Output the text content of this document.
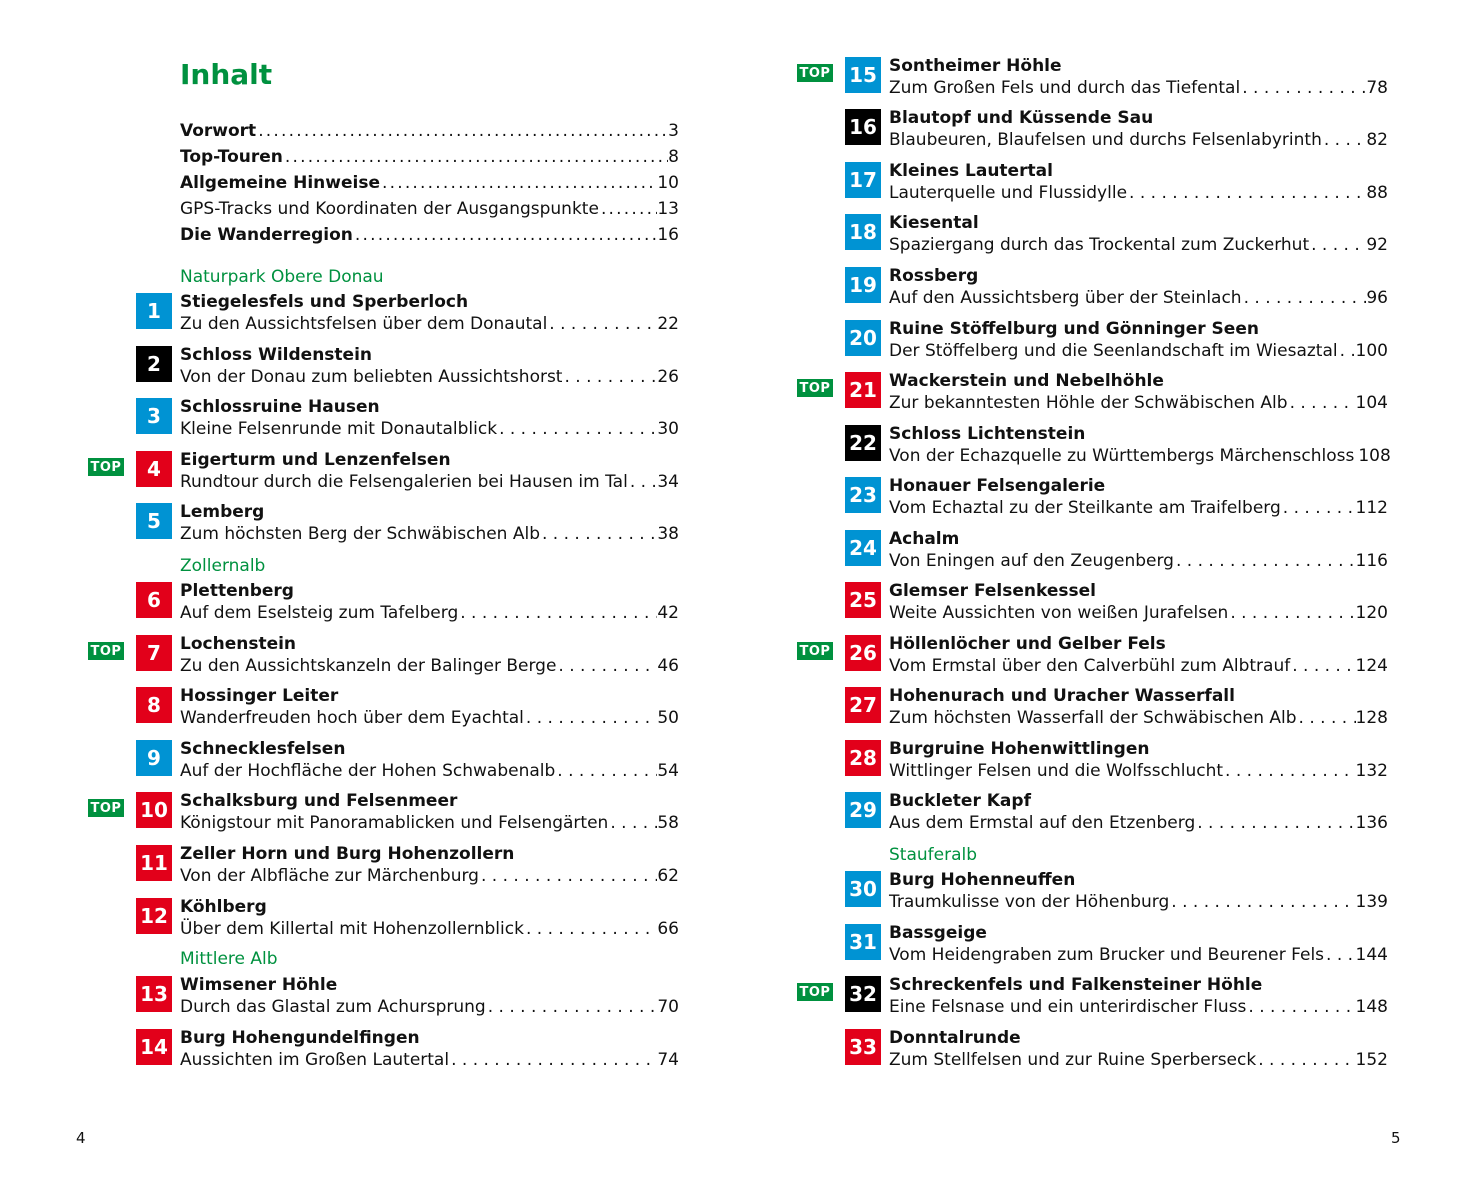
Inhalt
Vorwort . . .	3
Top-Touren . . .	8
Allgemeine Hinweise . . .	10
GPS-Tracks und Koordinaten der Ausgangspunkte . . .	13
Die Wanderregion . . .	16
Naturpark Obere Donau
Zollernalb
Mittlere Alb
Stauferalb
1	Stiegelesfels und Sperberloch
Zu den Aussichtsfelsen über dem Donautal . . .	22
2	Schloss Wildenstein
Von der Donau zum beliebten Aussichtshorst . . .	26
3	Schlossruine Hausen
Kleine Felsenrunde mit Donautalblick . . .	30
TOP	4	Eigerturm und Lenzenfelsen
Rundtour durch die Felsengalerien bei Hausen im Tal . . . 34
5	Lemberg
Zum höchsten Berg der Schwäbischen Alb . . .	38
6	Plettenberg
Auf dem Eselsteig zum Tafelberg . . .	42
TOP	7	Lochenstein
Zu den Aussichtskanzeln der Balinger Berge . . .	46
8	Hossinger Leiter
Wanderfreuden hoch über dem Eyachtal . . .	50
9	Schnecklesfelsen
Auf der Hochfläche der Hohen Schwabenalb . . .	54
TOP 10 Schalksburg und Felsenmeer
Königstour mit Panoramablicken und Felsengärten . . .	58
11 Zeller Horn und Burg Hohenzollern
Von der Albfläche zur Märchenburg . . .	62
12 Köhlberg
Über dem Killertal mit Hohenzollernblick . . .	66
13 Wimsener Höhle
Durch das Glastal zum Achursprung . . .	70
14 Burg Hohengundelfingen
Aussichten im Großen Lautertal . . .	74
TOP 15 Sontheimer Höhle
Zum Großen Fels und durch das Tiefental . . .	78
16 Blautopf und Küssende Sau
Blaubeuren, Blaufelsen und durchs Felsenlabyrinth . . .	82
17 Kleines Lautertal
Lauterquelle und Flussidylle . . .	88
18 Kiesental
Spaziergang durch das Trockental zum Zuckerhut . . .	92
19 Rossberg
Auf den Aussichtsberg über der Steinlach . . .	96
20 Ruine Stöffelburg und Gönninger Seen
Der Stöffelberg und die Seenlandschaft im Wiesaztal . . . 100
TOP 21 Wackerstein und Nebelhöhle
Zur bekanntesten Höhle der Schwäbischen Alb . . .	104
22 Schloss Lichtenstein
Von der Echazquelle zu Württembergs Märchenschloss . . . 108
23 Honauer Felsengalerie
Vom Echaztal zu der Steilkante am Traifelberg . . .	112
24 Achalm
Von Eningen auf den Zeugenberg . . .	116
25 Glemser Felsenkessel
Weite Aussichten von weißen Jurafelsen . . .	120
TOP 26 Höllenlöcher und Gelber Fels
Vom Ermstal über den Calverbühl zum Albtrauf . . .	124
27 Hohenurach und Uracher Wasserfall
Zum höchsten Wasserfall der Schwäbischen Alb . . .	128
28 Burgruine Hohenwittlingen
Wittlinger Felsen und die Wolfsschlucht . . .	132
29 Buckleter Kapf
Aus dem Ermstal auf den Etzenberg . . .	136
30 Burg Hohenneuffen
Traumkulisse von der Höhenburg . . .	139
31 Bassgeige
Vom Heidengraben zum Brucker und Beurener Fels . . . 144
TOP 32 Schreckenfels und Falkensteiner Höhle
Eine Felsnase und ein unterirdischer Fluss . . .	148
33 Donntalrunde
Zum Stellfelsen und zur Ruine Sperberseck . . .	152
4	5
